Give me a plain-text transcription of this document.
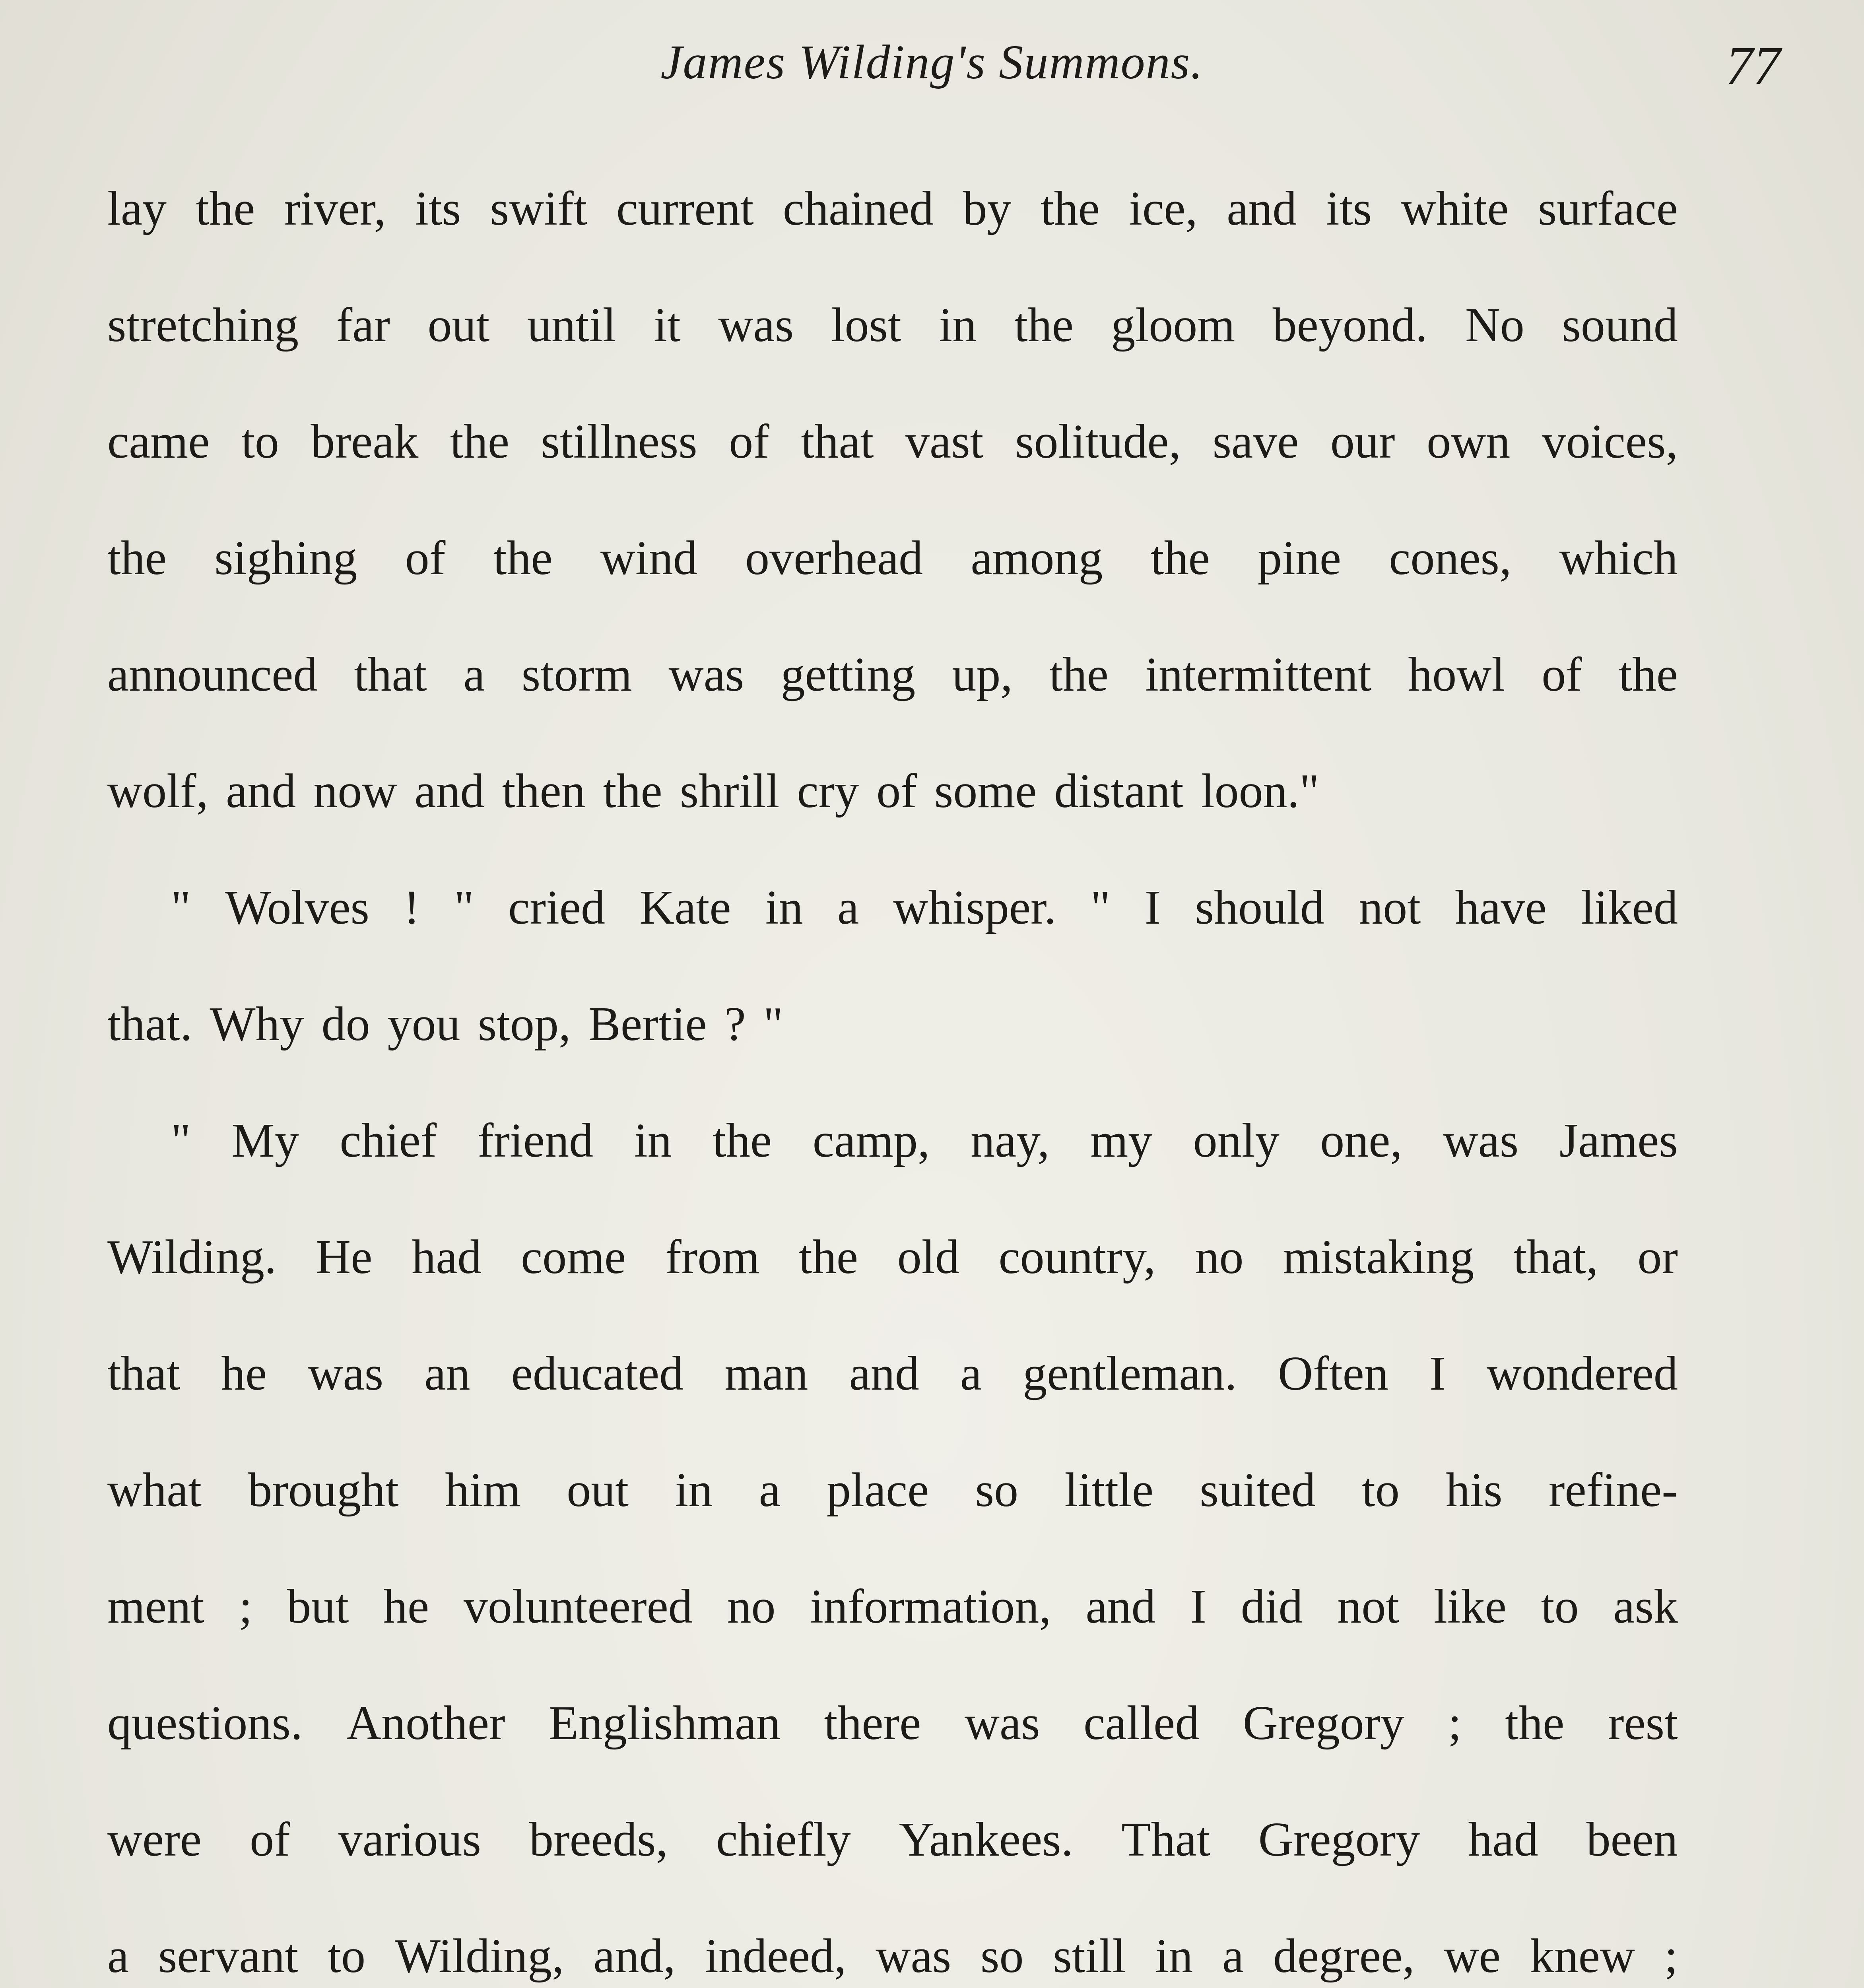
James Wilding's Summons.	77
lay the river, its swift current chained by the ice, and its white surface
stretching far out until it was lost in the gloom beyond. No sound
came to break the stillness of that vast solitude, save our own voices,
the sighing of the wind overhead among the pine cones, which
announced that a storm was getting up, the intermittent howl of the
wolf, and now and then the shrill cry of some distant loon."
" Wolves ! " cried Kate in a whisper. " I should not have liked
that. Why do you stop, Bertie ? "
" My chief friend in the camp, nay, my only one, was James
Wilding. He had come from the old country, no mistaking that, or
that he was an educated man and a gentleman. Often I wondered
what brought him out in a place so little suited to his refine-
ment ; but he volunteered no information, and I did not like to ask
questions. Another Englishman there was called Gregory ; the rest
were of various breeds, chiefly Yankees. That Gregory had been
a servant to Wilding, and, indeed, was so still in a degree, we knew ;
